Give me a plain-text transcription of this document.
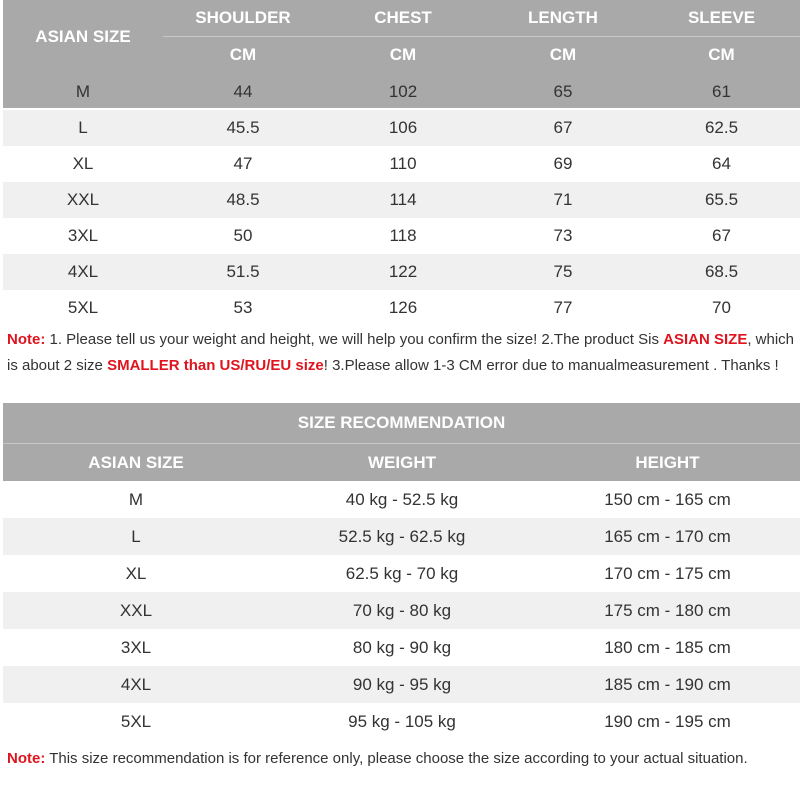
ASIAN SIZE
SHOULDER	CHEST	LENGTH	SLEEVE
CM	CM	CM	CM
M	44	102	65	61
L	45.5	106	67	62.5
XL	47	110	69	64
XXL	48.5	114	71	65.5
3XL	50	118	73	67
4XL	51.5	122	75	68.5
5XL	53	126	77	70
Note: 1. Please tell us your weight and height, we will help you confirm the size! 2.The product Sis ASIAN SIZE, which is about 2 size SMALLER than US/RU/EU size! 3.Please allow 1-3 CM error due to manualmeasurement . Thanks !
SIZE RECOMMENDATION
ASIAN SIZE	WEIGHT	HEIGHT
M	40 kg - 52.5 kg	150 cm - 165 cm
L	52.5 kg - 62.5 kg	165 cm - 170 cm
XL	62.5 kg - 70 kg	170 cm - 175 cm
XXL	70 kg - 80 kg	175 cm - 180 cm
3XL	80 kg - 90 kg	180 cm - 185 cm
4XL	90 kg - 95 kg	185 cm - 190 cm
5XL	95 kg - 105 kg	190 cm - 195 cm
Note: This size recommendation is for reference only, please choose the size according to your actual situation.
